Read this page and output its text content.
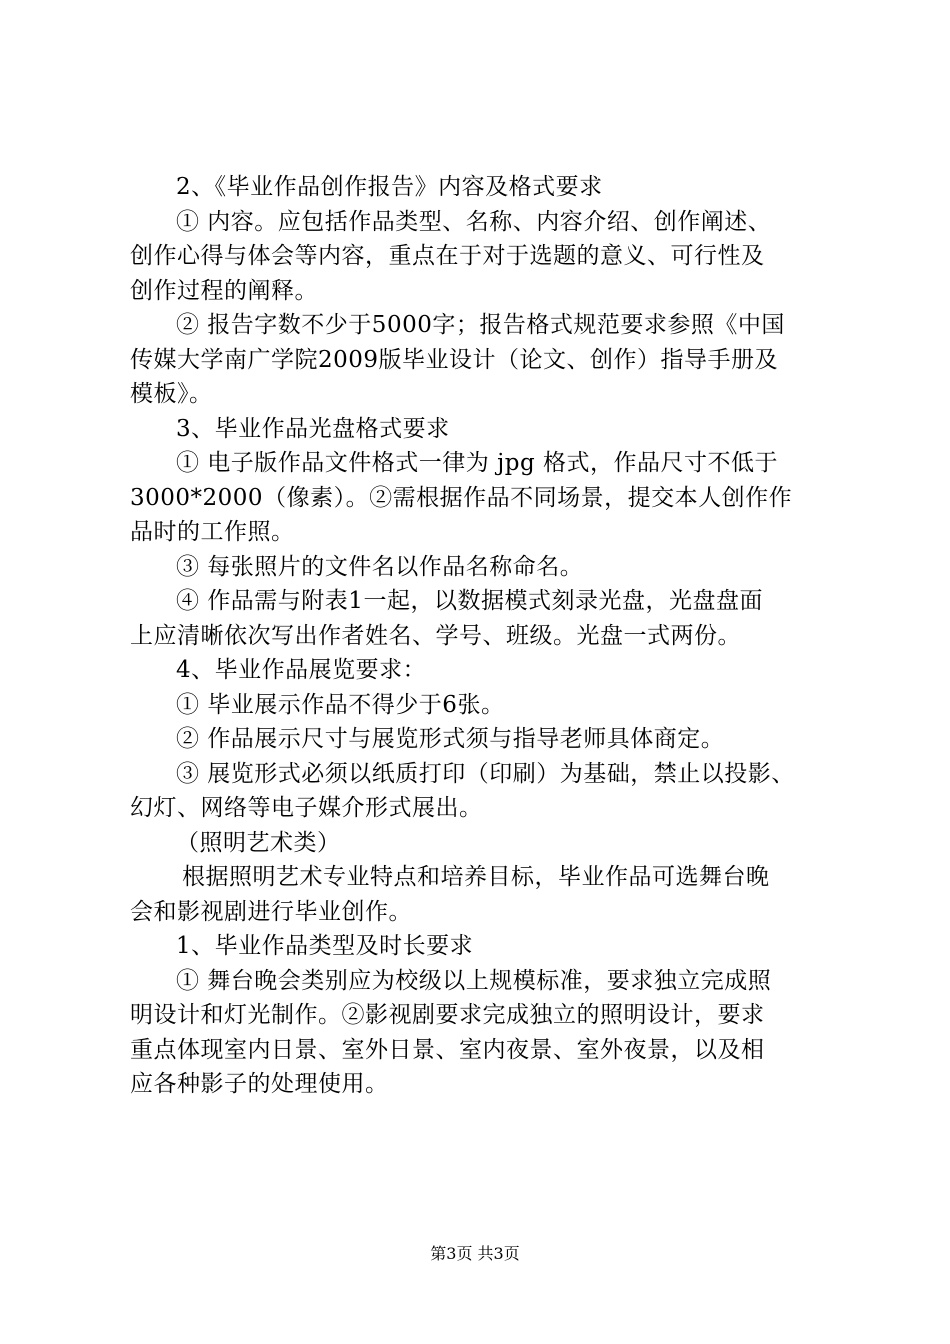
2、《毕业作品创作报告》内容及格式要求
① 内容。应包括作品类型、名称、内容介绍、创作阐述、
创作心得与体会等内容，重点在于对于选题的意义、可行性及
创作过程的阐释。
② 报告字数不少于5000字；报告格式规范要求参照《中国
传媒大学南广学院2009版毕业设计（论文、创作）指导手册及
模板》。
3、毕业作品光盘格式要求
① 电子版作品文件格式一律为 jpg 格式，作品尺寸不低于
3000*2000（像素）。②需根据作品不同场景，提交本人创作作
品时的工作照。
③ 每张照片的文件名以作品名称命名。
④ 作品需与附表1一起，以数据模式刻录光盘，光盘盘面
上应清晰依次写出作者姓名、学号、班级。光盘一式两份。
4、毕业作品展览要求：
① 毕业展示作品不得少于6张。
② 作品展示尺寸与展览形式须与指导老师具体商定。
③ 展览形式必须以纸质打印（印刷）为基础，禁止以投影、
幻灯、网络等电子媒介形式展出。
（照明艺术类）
根据照明艺术专业特点和培养目标，毕业作品可选舞台晚
会和影视剧进行毕业创作。
1、毕业作品类型及时长要求
① 舞台晚会类别应为校级以上规模标准，要求独立完成照
明设计和灯光制作。②影视剧要求完成独立的照明设计，要求
重点体现室内日景、室外日景、室内夜景、室外夜景，以及相
应各种影子的处理使用。
第3页 共3页
